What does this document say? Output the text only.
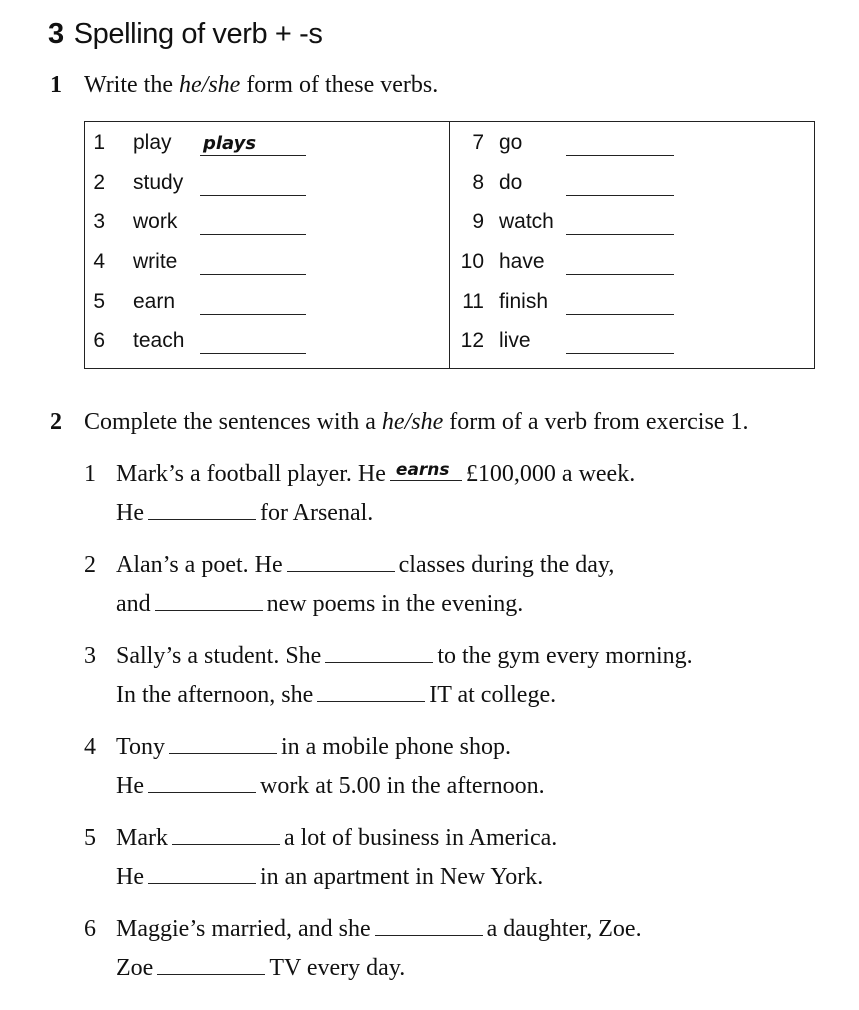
3 Spelling of verb + -s
1 Write the he/she form of these verbs.
1 play plays
2 study
3 work
4 write
5 earn
6 teach

7 go
8 do
9 watch
10 have
11 finish
12 live
2 Complete the sentences with a he/she form of a verb from exercise 1.
1 Mark’s a football player. He earns £100,000 a week.
He	for Arsenal.
2 Alan’s a poet. He	classes during the day,
and	new poems in the evening.
3 Sally’s a student. She	to the gym every morning.
In the afternoon, she	IT at college.
4 Tony	in a mobile phone shop.
He	work at 5.00 in the afternoon.
5 Mark	a lot of business in America.
He	in an apartment in New York.
6 Maggie’s married, and she	a daughter, Zoe.
Zoe	TV every day.
